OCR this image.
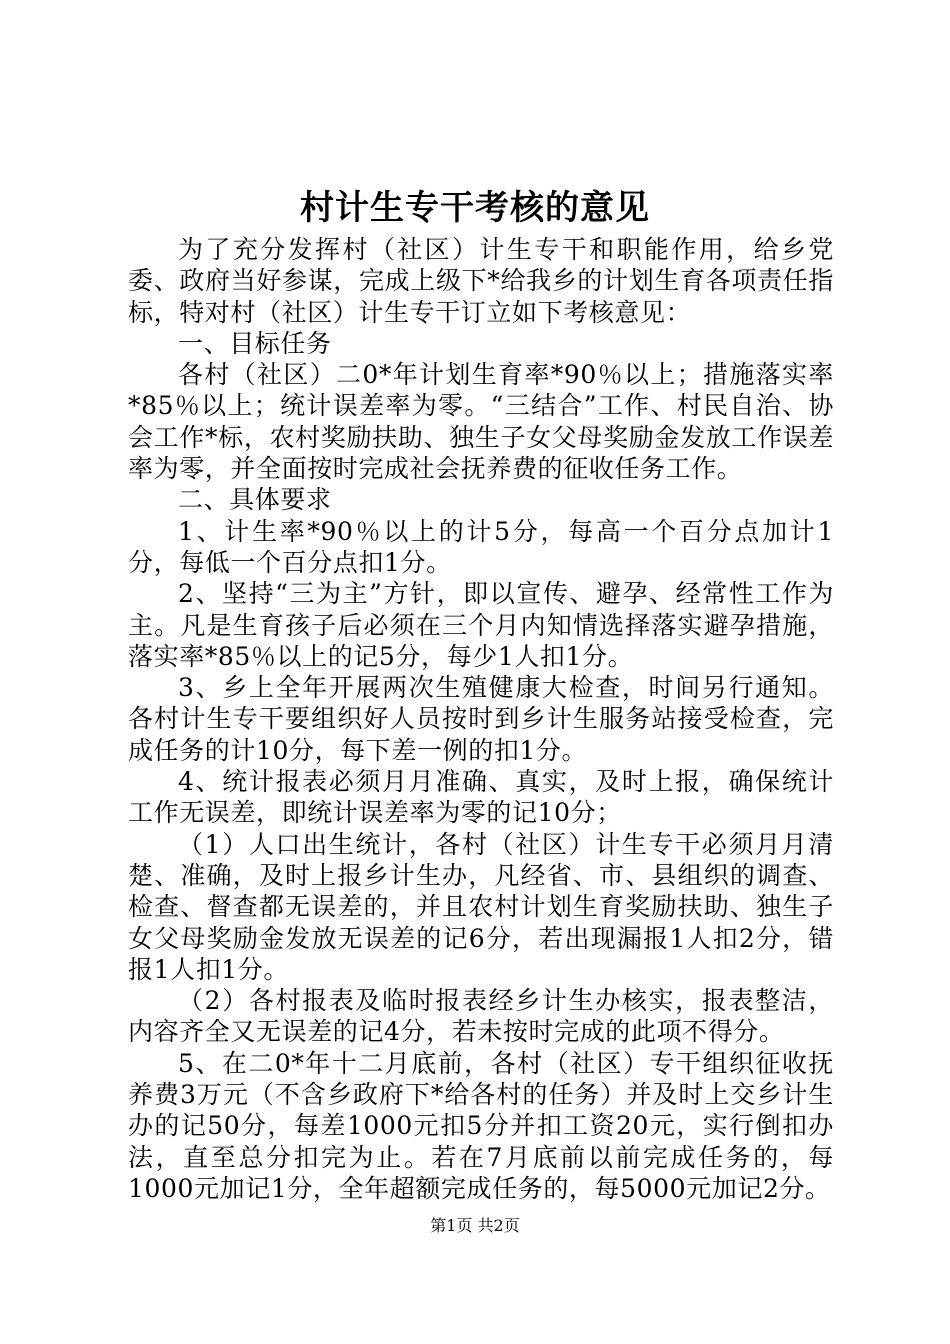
村计生专干考核的意见

为了充分发挥村（社区）计生专干和职能作用，给乡党委、政府当好参谋，完成上级下*给我乡的计划生育各项责任指标，特对村（社区）计生专干订立如下考核意见：

一、目标任务

各村（社区）二0*年计划生育率*90％以上；措施落实率*85％以上；统计误差率为零。“三结合”工作、村民自治、协会工作*标，农村奖励扶助、独生子女父母奖励金发放工作误差率为零，并全面按时完成社会抚养费的征收任务工作。

二、具体要求

1、计生率*90％以上的计5分，每高一个百分点加计1分，每低一个百分点扣1分。

2、坚持“三为主”方针，即以宣传、避孕、经常性工作为主。凡是生育孩子后必须在三个月内知情选择落实避孕措施，落实率*85％以上的记5分，每少1人扣1分。

3、乡上全年开展两次生殖健康大检查，时间另行通知。各村计生专干要组织好人员按时到乡计生服务站接受检查，完成任务的计10分，每下差一例的扣1分。

4、统计报表必须月月准确、真实，及时上报，确保统计工作无误差，即统计误差率为零的记10分；

（1）人口出生统计，各村（社区）计生专干必须月月清楚、准确，及时上报乡计生办，凡经省、市、县组织的调查、检查、督查都无误差的，并且农村计划生育奖励扶助、独生子女父母奖励金发放无误差的记6分，若出现漏报1人扣2分，错报1人扣1分。

（2）各村报表及临时报表经乡计生办核实，报表整洁，内容齐全又无误差的记4分，若未按时完成的此项不得分。

5、在二0*年十二月底前，各村（社区）专干组织征收抚养费3万元（不含乡政府下*给各村的任务）并及时上交乡计生办的记50分，每差1000元扣5分并扣工资20元，实行倒扣办法，直至总分扣完为止。若在7月底前以前完成任务的，每1000元加记1分，全年超额完成任务的，每5000元加记2分。

第1页 共2页
